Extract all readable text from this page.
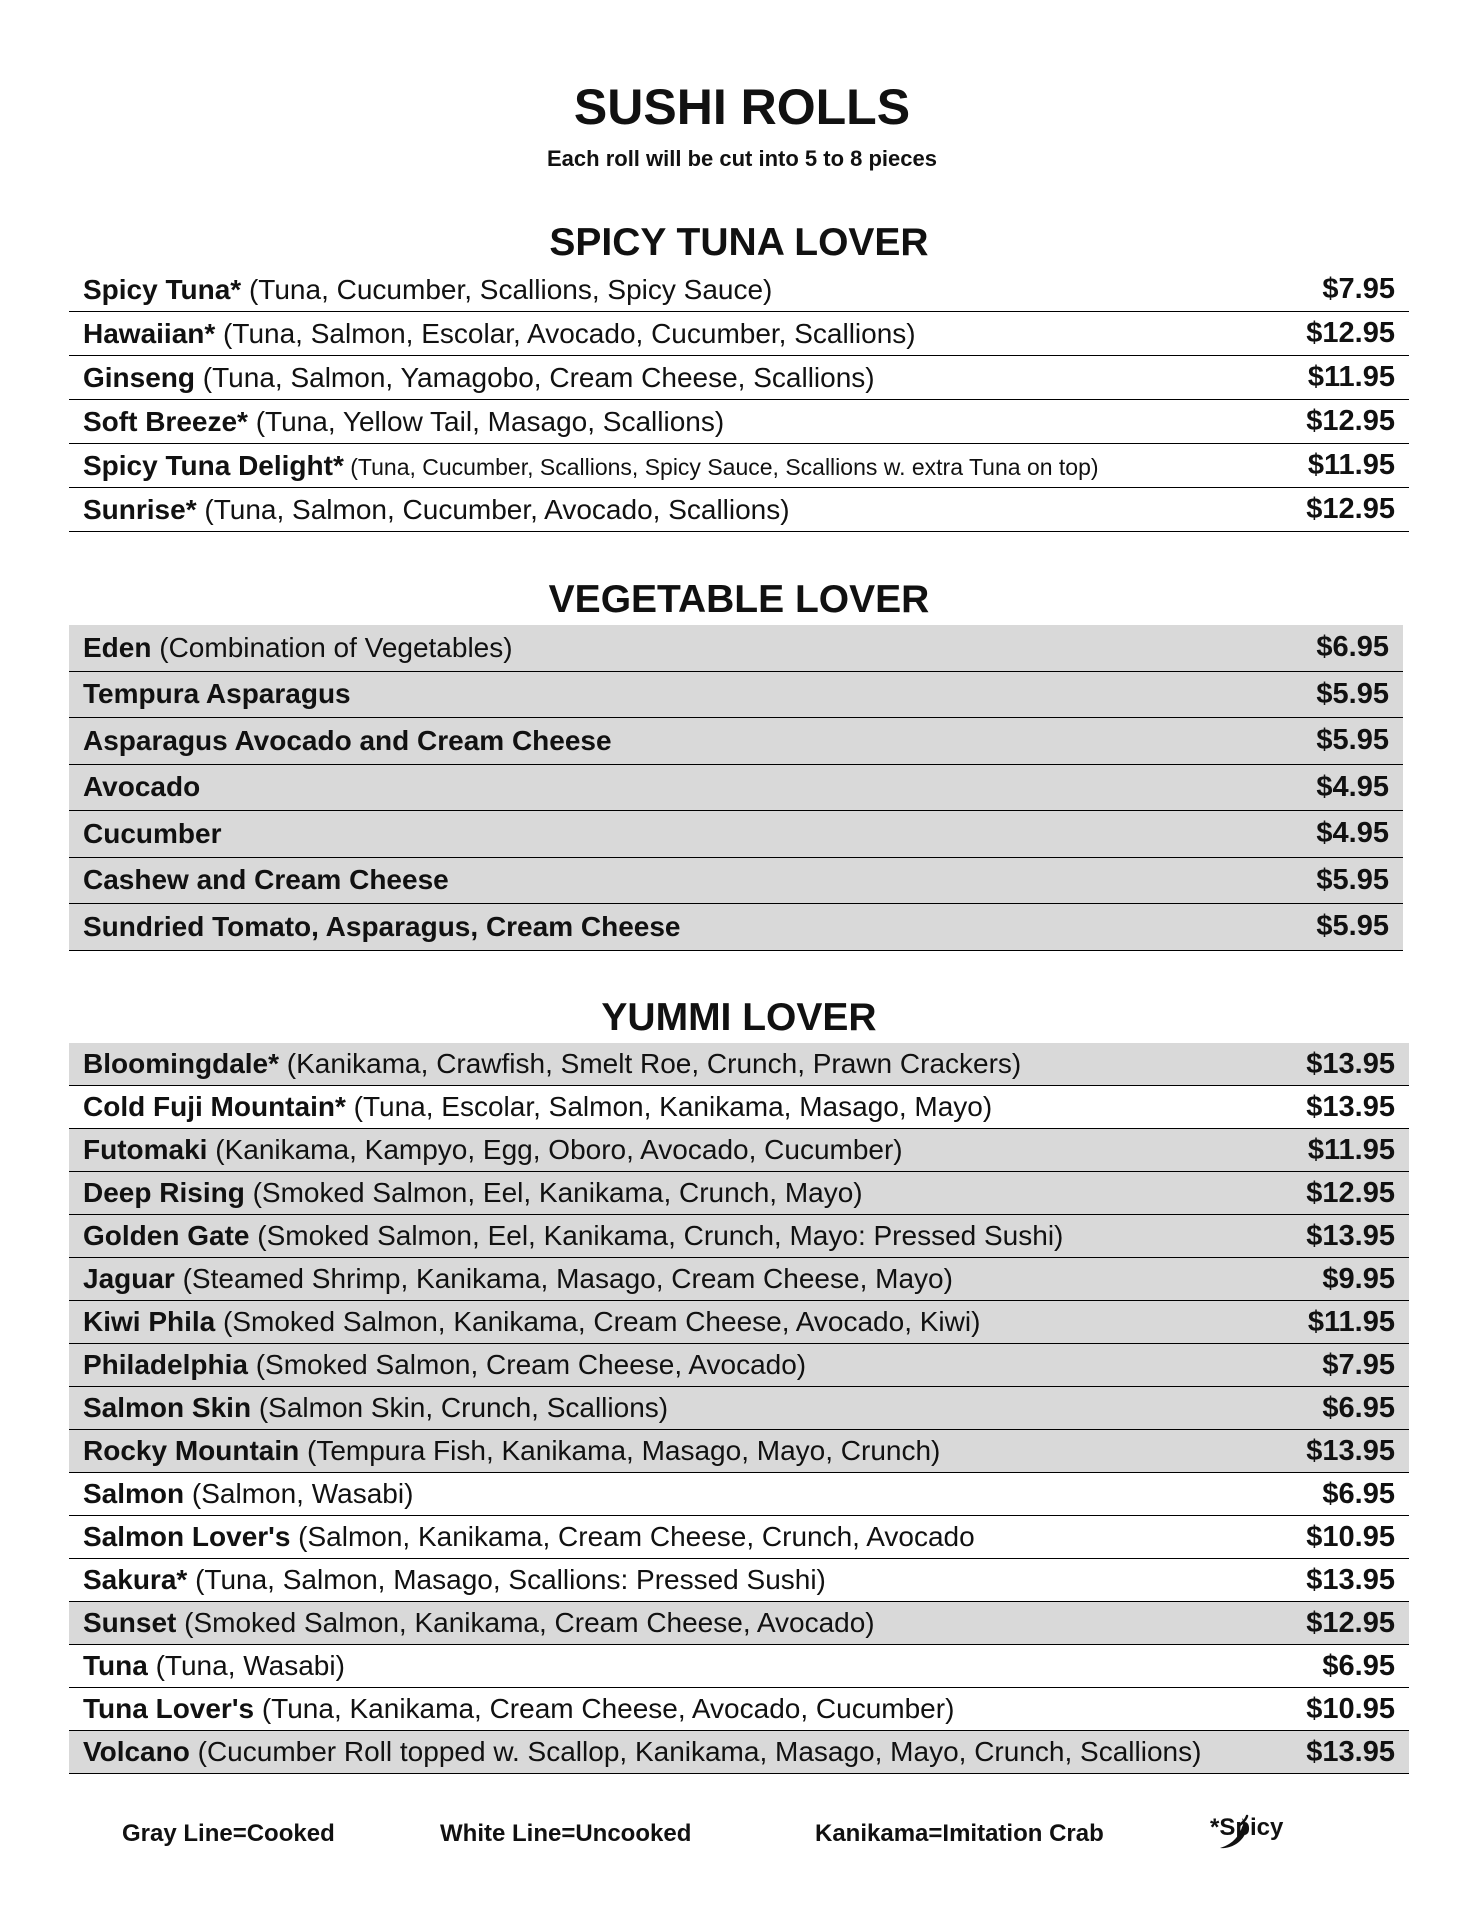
SUSHI ROLLS
Each roll will be cut into 5 to 8 pieces
SPICY TUNA LOVER
Spicy Tuna* (Tuna, Cucumber, Scallions, Spicy Sauce)	$7.95
Hawaiian* (Tuna, Salmon, Escolar, Avocado, Cucumber, Scallions)	$12.95
Ginseng (Tuna, Salmon, Yamagobo, Cream Cheese, Scallions)	$11.95
Soft Breeze* (Tuna, Yellow Tail, Masago, Scallions)	$12.95
Spicy Tuna Delight* (Tuna, Cucumber, Scallions, Spicy Sauce, Scallions w. extra Tuna on top)	$11.95
Sunrise* (Tuna, Salmon, Cucumber, Avocado, Scallions)	$12.95
VEGETABLE LOVER
Eden (Combination of Vegetables)	$6.95
Tempura Asparagus	$5.95
Asparagus Avocado and Cream Cheese	$5.95
Avocado	$4.95
Cucumber	$4.95
Cashew and Cream Cheese	$5.95
Sundried Tomato, Asparagus, Cream Cheese	$5.95
YUMMI LOVER
Bloomingdale* (Kanikama, Crawfish, Smelt Roe, Crunch, Prawn Crackers)	$13.95
Cold Fuji Mountain* (Tuna, Escolar, Salmon, Kanikama, Masago, Mayo)	$13.95
Futomaki (Kanikama, Kampyo, Egg, Oboro, Avocado, Cucumber)	$11.95
Deep Rising (Smoked Salmon, Eel, Kanikama, Crunch, Mayo)	$12.95
Golden Gate (Smoked Salmon, Eel, Kanikama, Crunch, Mayo: Pressed Sushi)	$13.95
Jaguar (Steamed Shrimp, Kanikama, Masago, Cream Cheese, Mayo)	$9.95
Kiwi Phila (Smoked Salmon, Kanikama, Cream Cheese, Avocado, Kiwi)	$11.95
Philadelphia (Smoked Salmon, Cream Cheese, Avocado)	$7.95
Salmon Skin (Salmon Skin, Crunch, Scallions)	$6.95
Rocky Mountain (Tempura Fish, Kanikama, Masago, Mayo, Crunch)	$13.95
Salmon (Salmon, Wasabi)	$6.95
Salmon Lover's (Salmon, Kanikama, Cream Cheese, Crunch, Avocado	$10.95
Sakura* (Tuna, Salmon, Masago, Scallions: Pressed Sushi)	$13.95
Sunset (Smoked Salmon, Kanikama, Cream Cheese, Avocado)	$12.95
Tuna (Tuna, Wasabi)	$6.95
Tuna Lover's (Tuna, Kanikama, Cream Cheese, Avocado, Cucumber)	$10.95
Volcano (Cucumber Roll topped w. Scallop, Kanikama, Masago, Mayo, Crunch, Scallions)	$13.95
Gray Line=Cooked	White Line=Uncooked	Kanikama=Imitation Crab	*Spicy
